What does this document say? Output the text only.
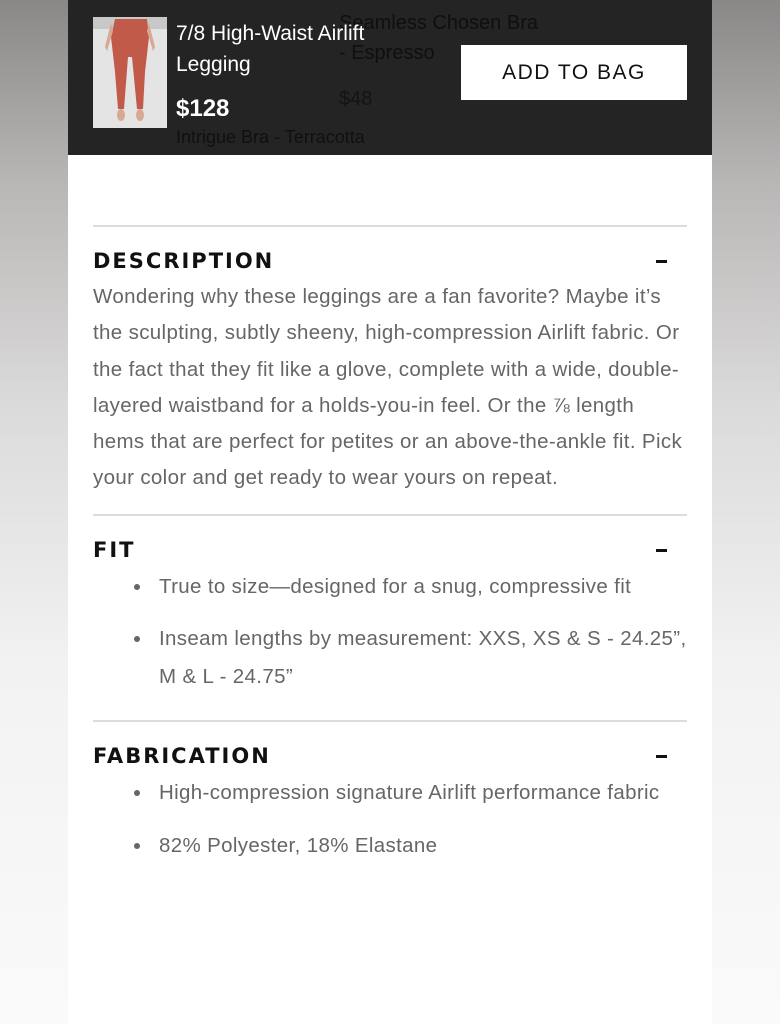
Intrigue Bra - Terracotta
Seamless Chosen Bra - Espresso
$48
7/8 High-Waist Airlift Legging
$128
ADD TO BAG
DESCRIPTION

Wondering why these leggings are a fan favorite? Maybe it’s the sculpting, subtly sheeny, high-compression Airlift fabric. Or the fact that they fit like a glove, complete with a wide, double-layered waistband for a holds-you-in feel. Or the ⅞ length hems that are perfect for petites or an above-the-ankle fit. Pick your color and get ready to wear yours on repeat.

FIT
True to size—designed for a snug, compressive fit
Inseam lengths by measurement: XXS, XS & S - 24.25”, M & L - 24.75”
FABRICATION
High-compression signature Airlift performance fabric
82% Polyester, 18% Elastane
